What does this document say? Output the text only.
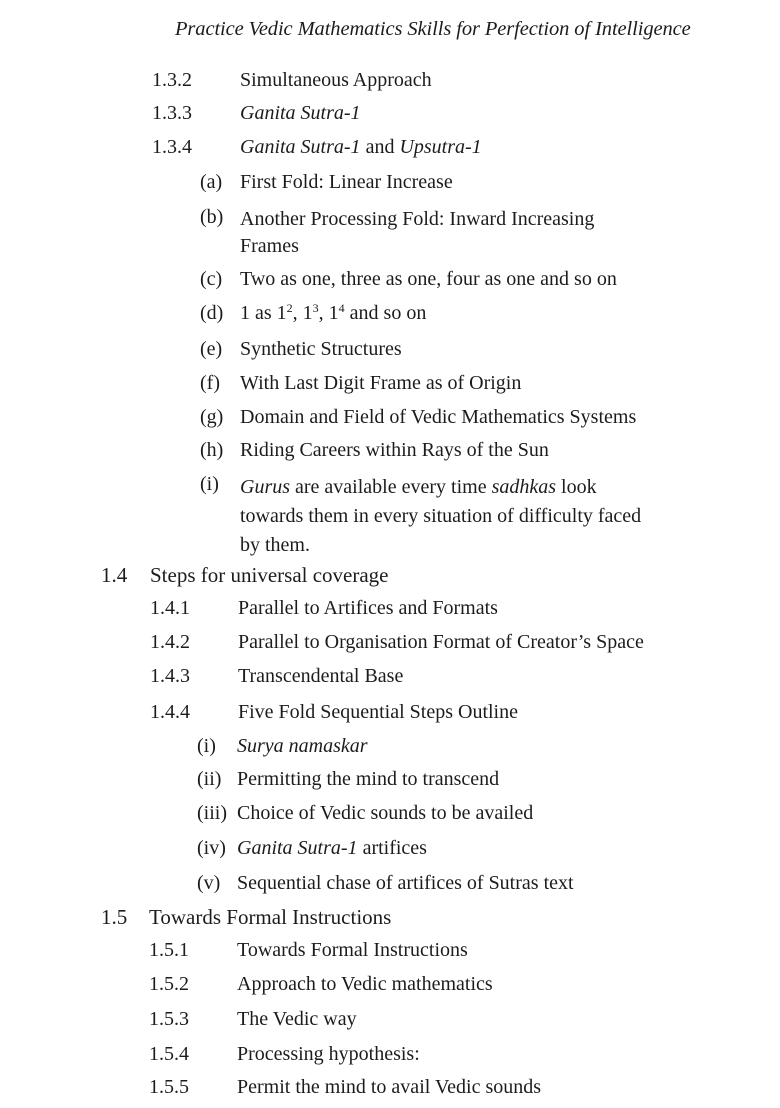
Practice Vedic Mathematics Skills for Perfection of Intelligence
1.3.2 Simultaneous Approach
1.3.3 Ganita Sutra-1
1.3.4 Ganita Sutra-1 and Upsutra-1
(a) First Fold: Linear Increase
(b) Another Processing Fold: Inward Increasing
Frames
(c) Two as one, three as one, four as one and so on
(d) 1 as $1^2$, $1^3$, $1^4$ and so on
(e) Synthetic Structures
(f) With Last Digit Frame as of Origin
(g) Domain and Field of Vedic Mathematics Systems
(h) Riding Careers within Rays of the Sun
(i) Gurus are available every time sadhkas look
towards them in every situation of difficulty faced
by them.
1.4 Steps for universal coverage
1.4.1 Parallel to Artifices and Formats
1.4.2 Parallel to Organisation Format of Creator’s Space
1.4.3 Transcendental Base
1.4.4 Five Fold Sequential Steps Outline
(i) Surya namaskar
(ii) Permitting the mind to transcend
(iii) Choice of Vedic sounds to be availed
(iv) Ganita Sutra-1 artifices
(v) Sequential chase of artifices of Sutras text
1.5 Towards Formal Instructions
1.5.1 Towards Formal Instructions
1.5.2 Approach to Vedic mathematics
1.5.3 The Vedic way
1.5.4 Processing hypothesis:
1.5.5 Permit the mind to avail Vedic sounds
